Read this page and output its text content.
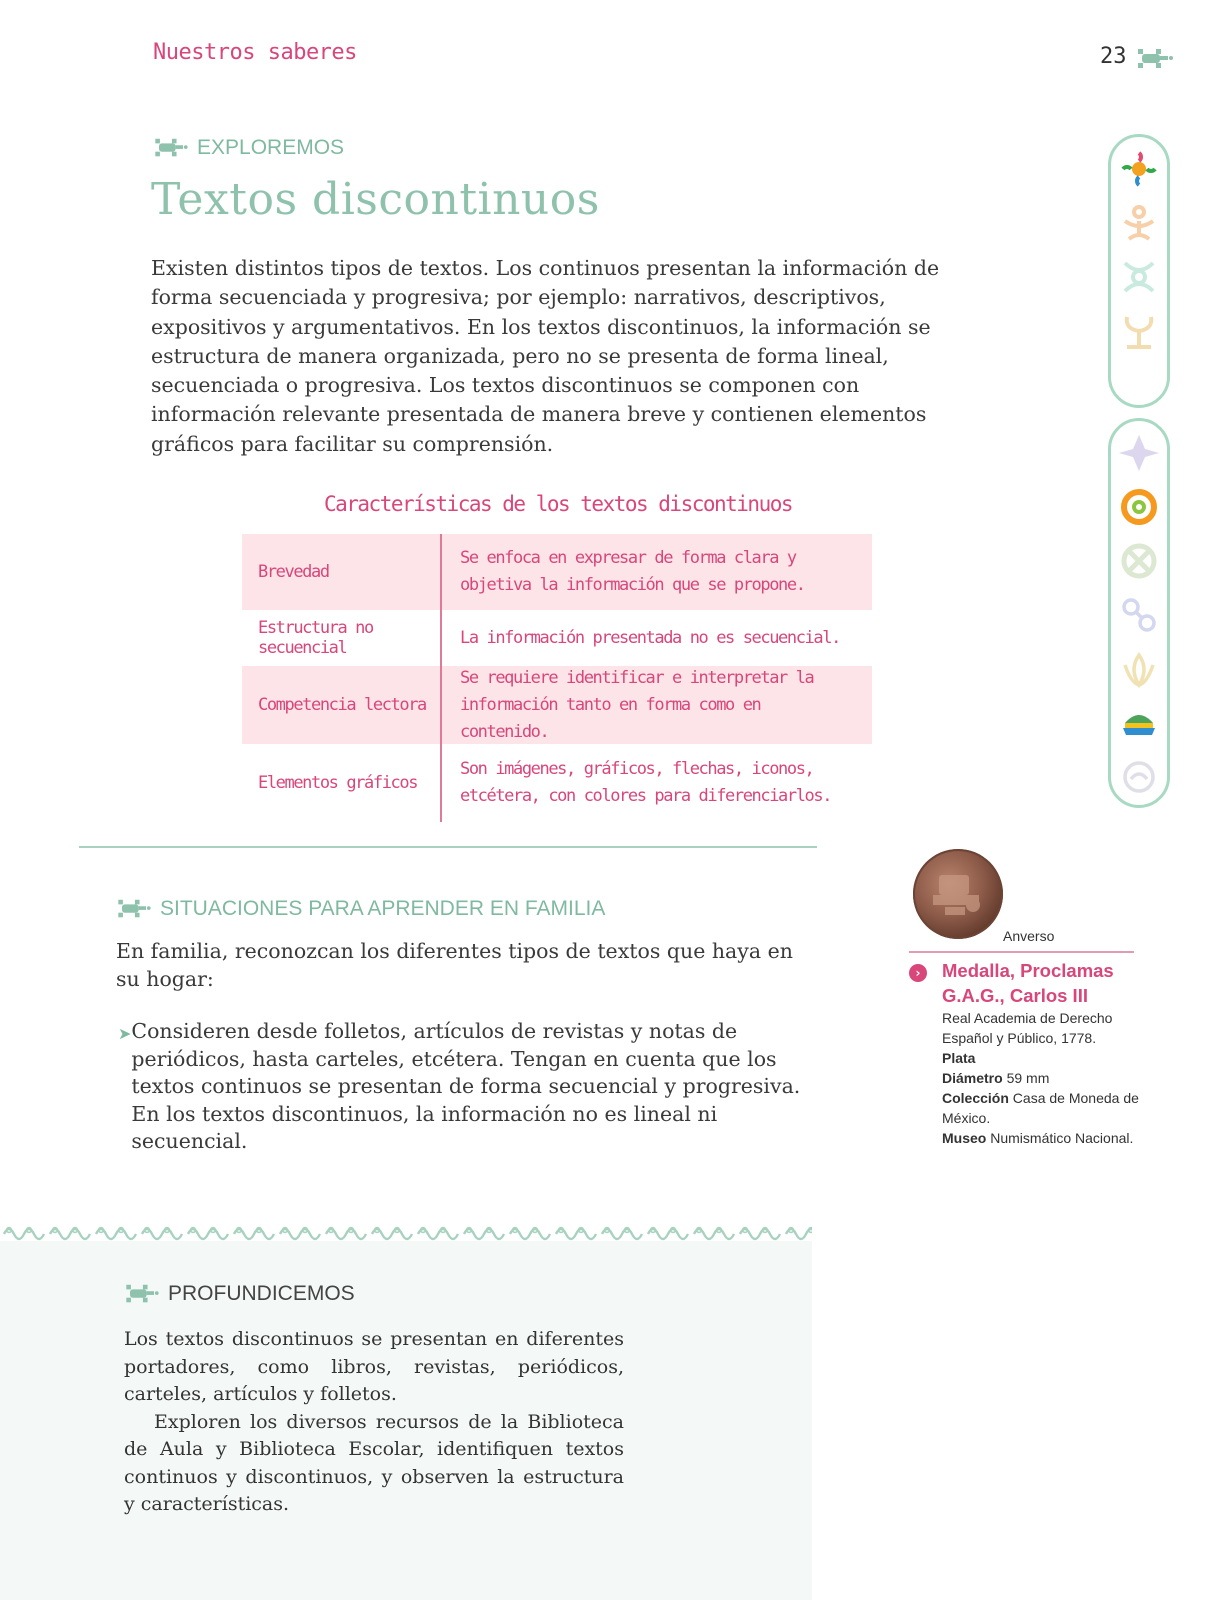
Nuestros saberes	23
EXPLOREMOS
Textos discontinuos
Existen distintos tipos de textos. Los continuos presentan la información de forma secuenciada y progresiva; por ejemplo: narrativos, descriptivos, expositivos y argumentativos. En los textos discontinuos, la información se estructura de manera organizada, pero no se presenta de forma lineal, secuenciada o progresiva. Los textos discontinuos se componen con información relevante presentada de manera breve y contienen elementos gráficos para facilitar su comprensión.
Características de los textos discontinuos
Brevedad
Se enfoca en expresar de forma clara y objetiva la información que se propone.
Estructura no secuencial
La información presentada no es secuencial.
Competencia lectora
Se requiere identificar e interpretar la información tanto en forma como en contenido.
Elementos gráficos
Son imágenes, gráficos, flechas, iconos, etcétera, con colores para diferenciarlos.
SITUACIONES PARA APRENDER EN FAMILIA
En familia, reconozcan los diferentes tipos de textos que haya en su hogar:
➤ Consideren desde folletos, artículos de revistas y notas de periódicos, hasta carteles, etcétera. Tengan en cuenta que los textos continuos se presentan de forma secuencial y progresiva. En los textos discontinuos, la información no es lineal ni secuencial.
Anverso
›	Medalla, Proclamas G.A.G., Carlos III
Real Academia de Derecho Español y Público, 1778.
Plata
Diámetro 59 mm
Colección Casa de Moneda de México.
Museo Numismático Nacional.
PROFUNDICEMOS

Los textos discontinuos se presentan en diferentes portadores, como libros, revistas, periódicos, carteles, artículos y folletos.

Exploren los diversos recursos de la Biblioteca de Aula y Biblioteca Escolar, identifiquen textos continuos y discontinuos, y observen la estructura y características.
